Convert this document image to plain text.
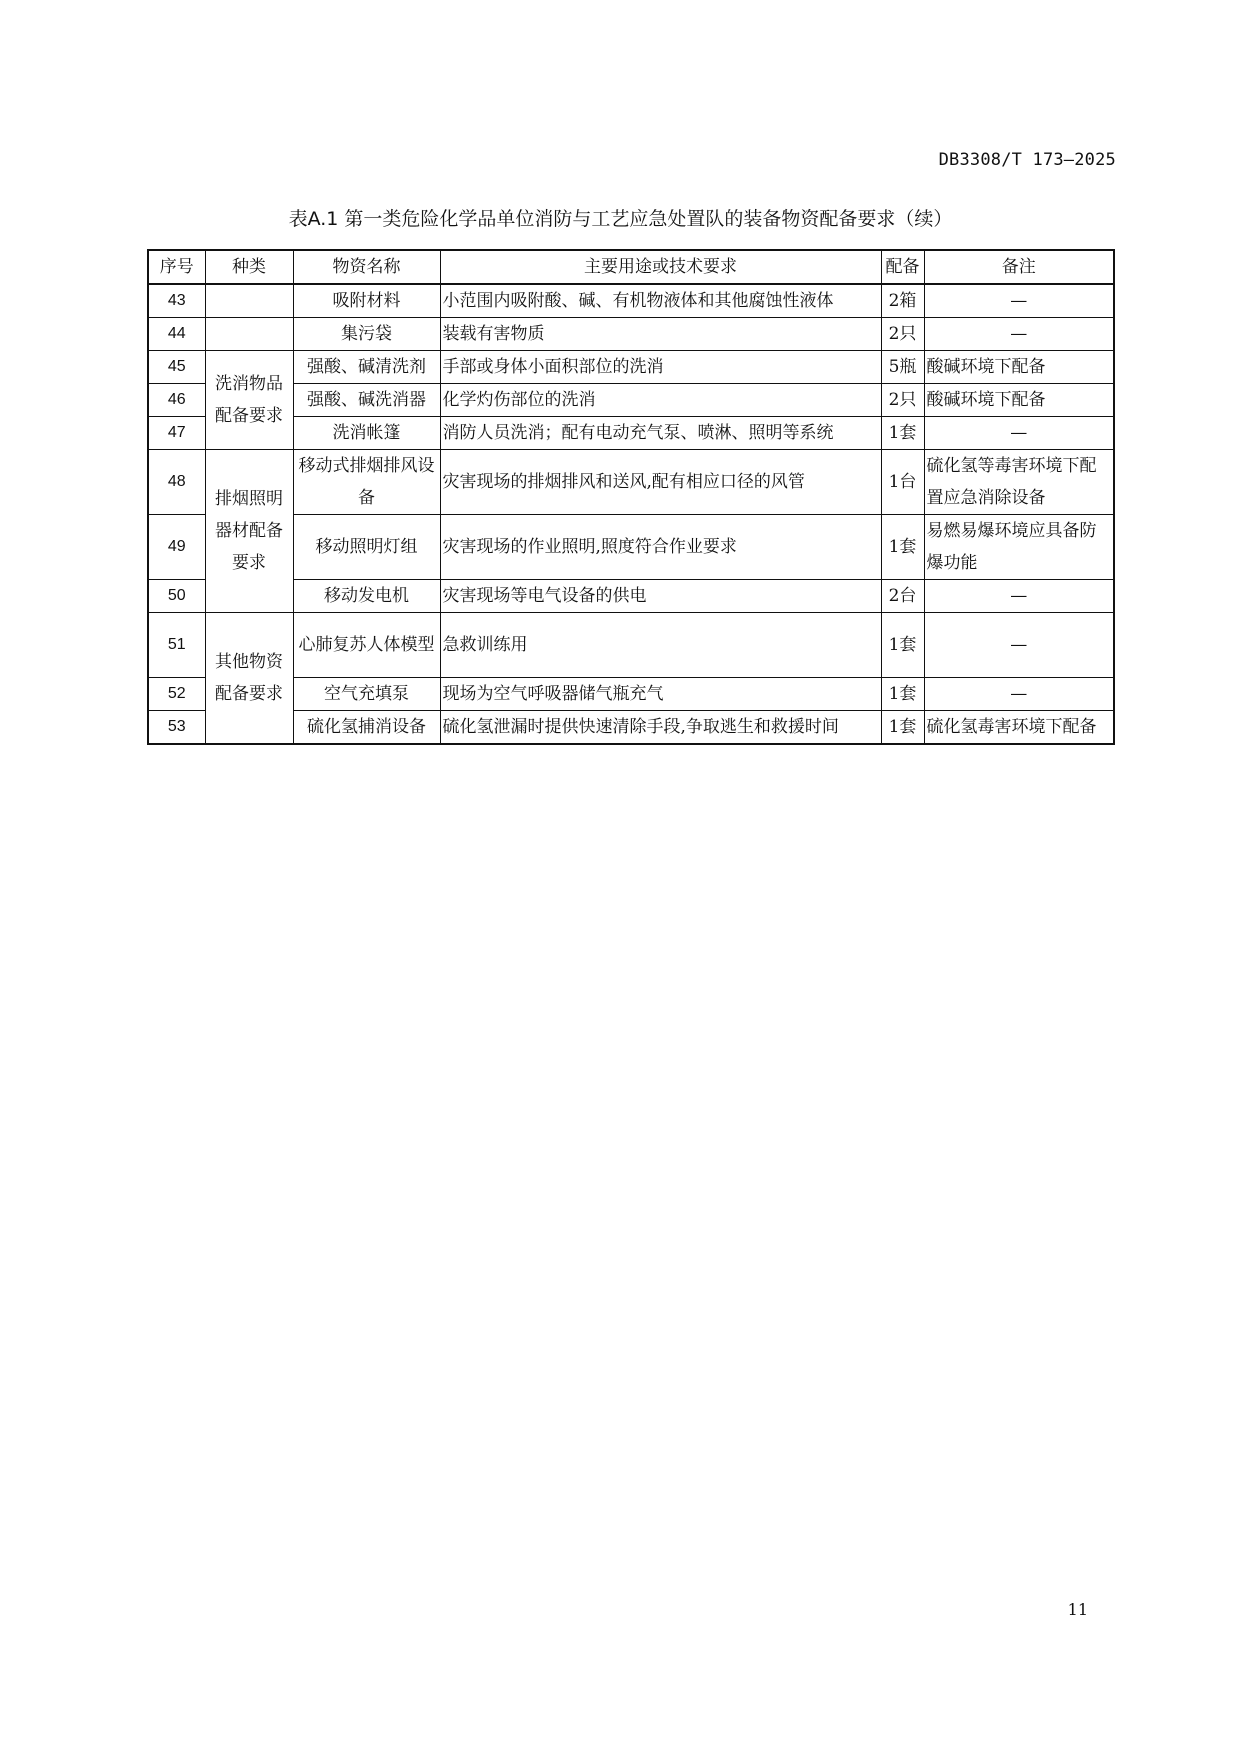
DB3308/T 173—2025
表A.1 第一类危险化学品单位消防与工艺应急处置队的装备物资配备要求（续）
序号	种类	物资名称	主要用途或技术要求	配备	备注
43		吸附材料	小范围内吸附酸、碱、有机物液体和其他腐蚀性液体	2箱	—
44		集污袋	装载有害物质	2只	—
45	洗消物品配备要求	强酸、碱清洗剂	手部或身体小面积部位的洗消	5瓶	酸碱环境下配备
46		强酸、碱洗消器	化学灼伤部位的洗消	2只	酸碱环境下配备
47		洗消帐篷	消防人员洗消；配有电动充气泵、喷淋、照明等系统	1套	—
48	排烟照明器材配备要求	移动式排烟排风设备	灾害现场的排烟排风和送风,配有相应口径的风管	1台	硫化氢等毒害环境下配置应急消除设备
49		移动照明灯组	灾害现场的作业照明,照度符合作业要求	1套	易燃易爆环境应具备防爆功能
50		移动发电机	灾害现场等电气设备的供电	2台	—
51	其他物资配备要求	心肺复苏人体模型	急救训练用	1套	—
52		空气充填泵	现场为空气呼吸器储气瓶充气	1套	—
53		硫化氢捕消设备	硫化氢泄漏时提供快速清除手段,争取逃生和救援时间	1套	硫化氢毒害环境下配备
11
